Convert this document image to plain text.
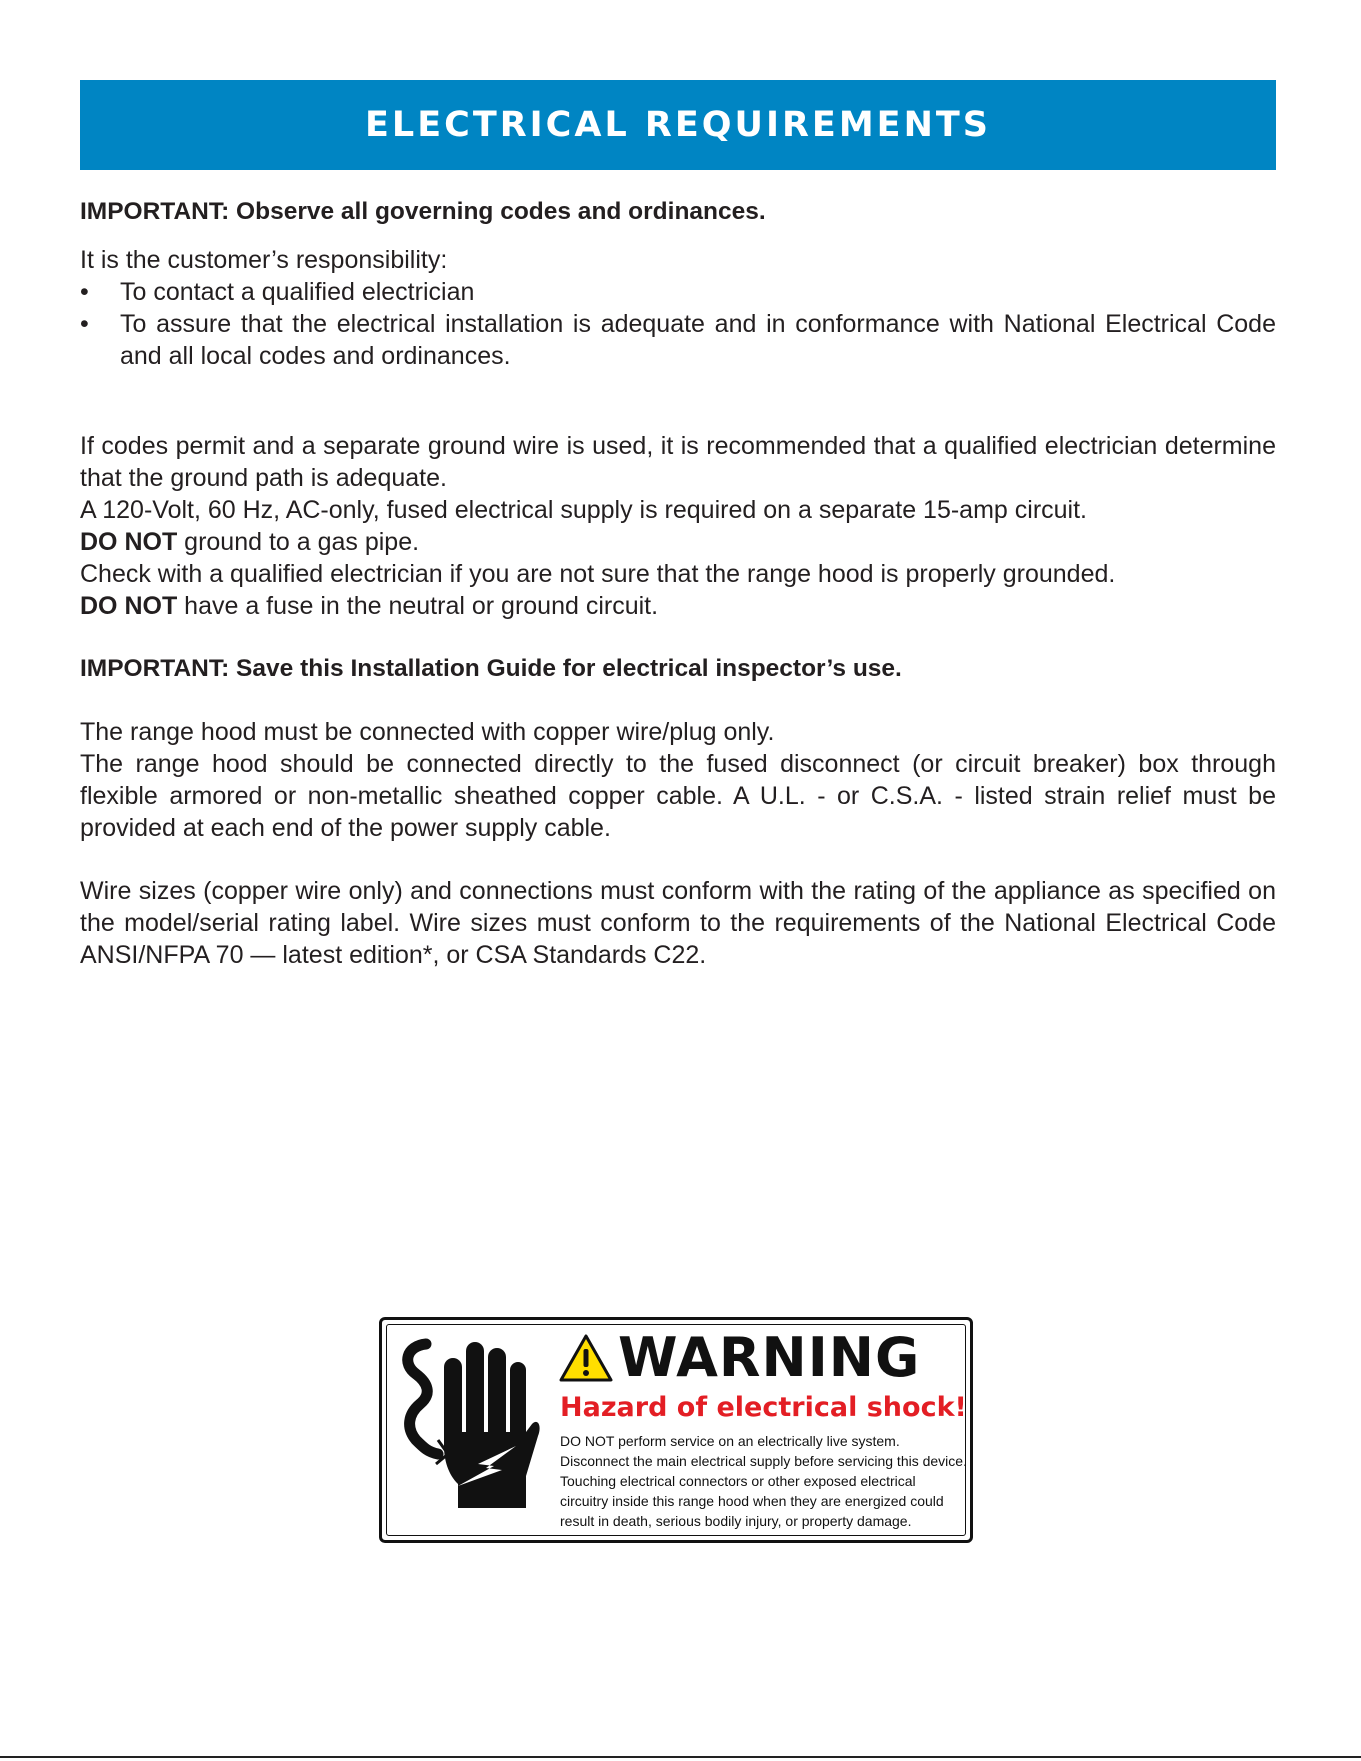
ELECTRICAL REQUIREMENTS

IMPORTANT: Observe all governing codes and ordinances.

It is the customer’s responsibility:

• To contact a qualified electrician
• To assure that the electrical installation is adequate and in conformance with National Electrical Code and all local codes and ordinances.

If codes permit and a separate ground wire is used, it is recommended that a qualified electrician determine that the ground path is adequate.

A 120-Volt, 60 Hz, AC-only, fused electrical supply is required on a separate 15-amp circuit.

DO NOT ground to a gas pipe.

Check with a qualified electrician if you are not sure that the range hood is properly grounded.

DO NOT have a fuse in the neutral or ground circuit.

IMPORTANT: Save this Installation Guide for electrical inspector’s use.

The range hood must be connected with copper wire/plug only.

The range hood should be connected directly to the fused disconnect (or circuit breaker) box through flexible armored or non-metallic sheathed copper cable. A U.L. - or C.S.A. - listed strain relief must be provided at each end of the power supply cable.

Wire sizes (copper wire only) and connections must conform with the rating of the appliance as specified on the model/serial rating label. Wire sizes must conform to the requirements of the National Electrical Code ANSI/NFPA 70 — latest edition*, or CSA Standards C22.

WARNING
Hazard of electrical shock!
DO NOT perform service on an electrically live system.
Disconnect the main electrical supply before servicing this device.
Touching electrical connectors or other exposed electrical
circuitry inside this range hood when they are energized could
result in death, serious bodily injury, or property damage.
